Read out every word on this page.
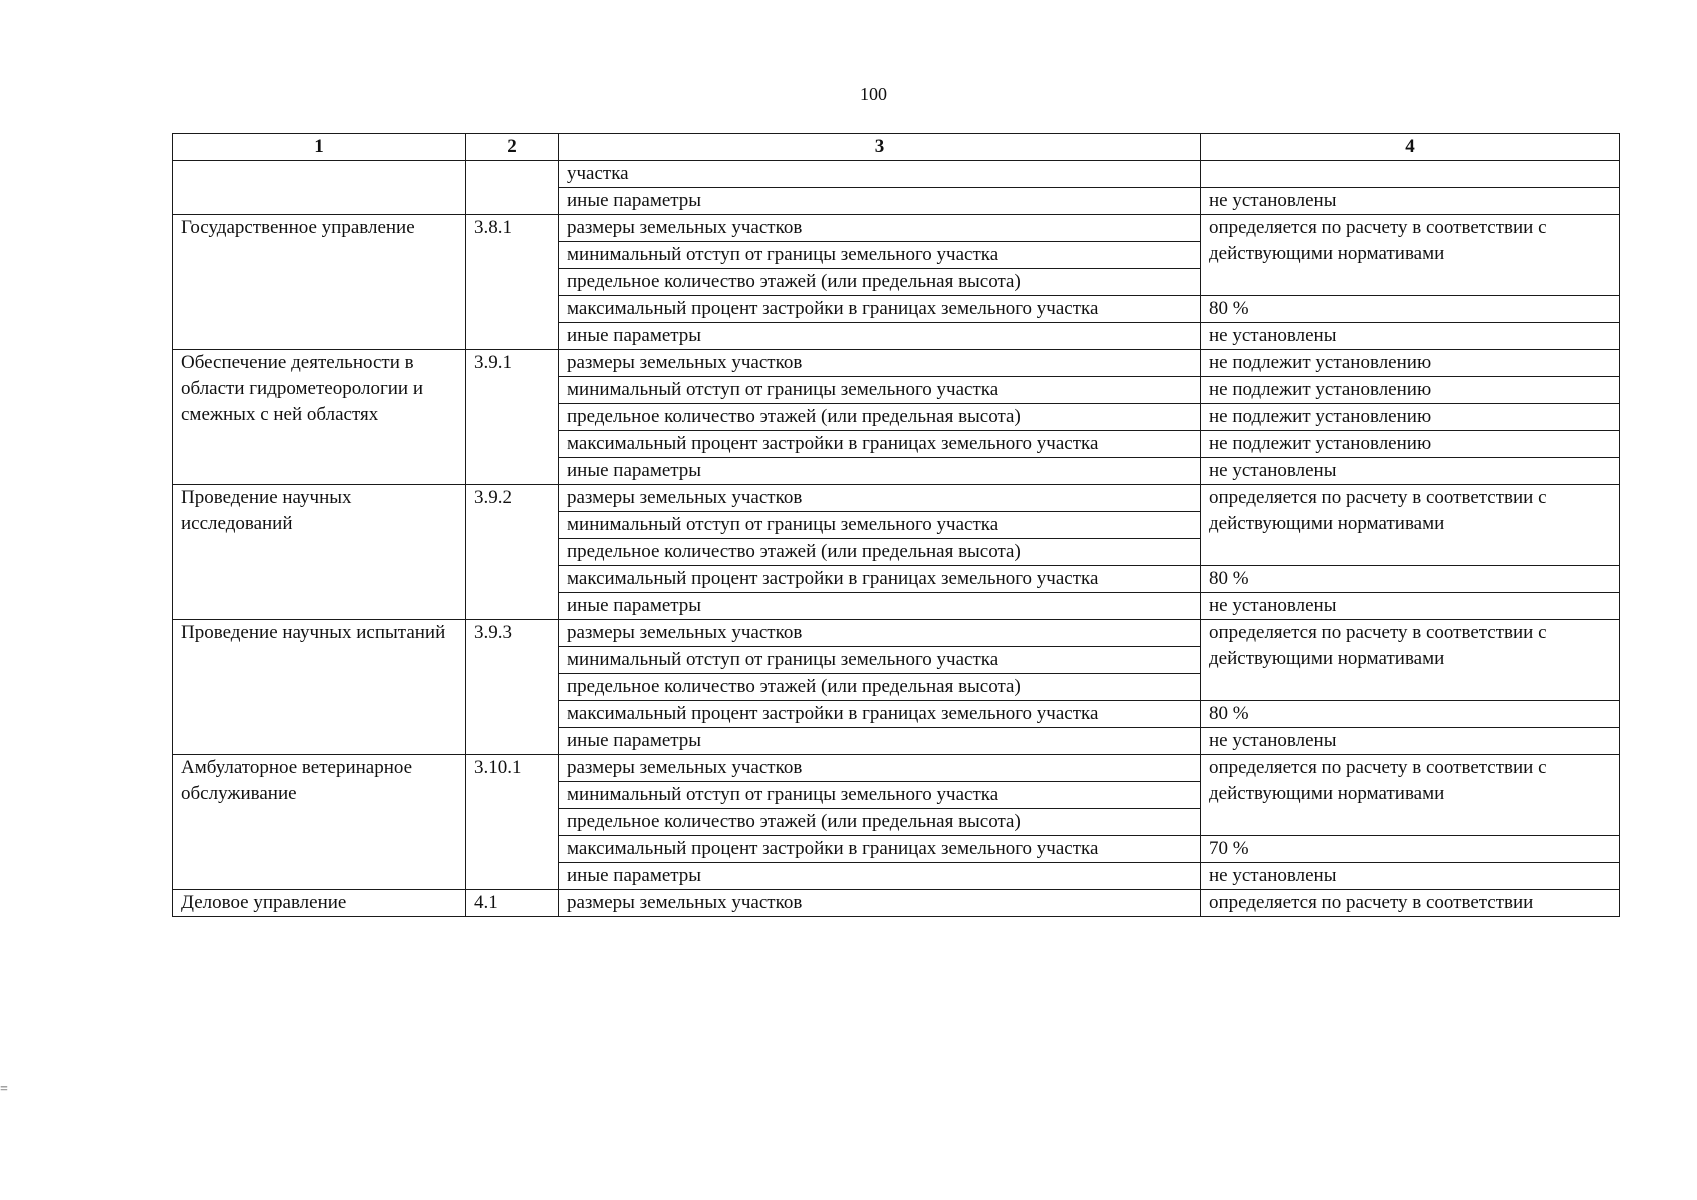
100
1	2	3	4
		участка	
		иные параметры	не установлены
Государственное управление	3.8.1	размеры земельных участков	определяется по расчету в соответствии с действующими нормативами
		минимальный отступ от границы земельного участка	
		предельное количество этажей (или предельная высота)	
		максимальный процент застройки в границах земельного участка	80 %
		иные параметры	не установлены
Обеспечение деятельности в области гидрометеорологии и смежных с ней областях	3.9.1	размеры земельных участков	не подлежит установлению
		минимальный отступ от границы земельного участка	не подлежит установлению
		предельное количество этажей (или предельная высота)	не подлежит установлению
		максимальный процент застройки в границах земельного участка	не подлежит установлению
		иные параметры	не установлены
Проведение научных исследований	3.9.2	размеры земельных участков	определяется по расчету в соответствии с действующими нормативами
		минимальный отступ от границы земельного участка	
		предельное количество этажей (или предельная высота)	
		максимальный процент застройки в границах земельного участка	80 %
		иные параметры	не установлены
Проведение научных испытаний	3.9.3	размеры земельных участков	определяется по расчету в соответствии с действующими нормативами
		минимальный отступ от границы земельного участка	
		предельное количество этажей (или предельная высота)	
		максимальный процент застройки в границах земельного участка	80 %
		иные параметры	не установлены
Амбулаторное ветеринарное обслуживание	3.10.1	размеры земельных участков	определяется по расчету в соответствии с действующими нормативами
		минимальный отступ от границы земельного участка	
		предельное количество этажей (или предельная высота)	
		максимальный процент застройки в границах земельного участка	70 %
		иные параметры	не установлены
Деловое управление	4.1	размеры земельных участков	определяется по расчету в соответствии
=
